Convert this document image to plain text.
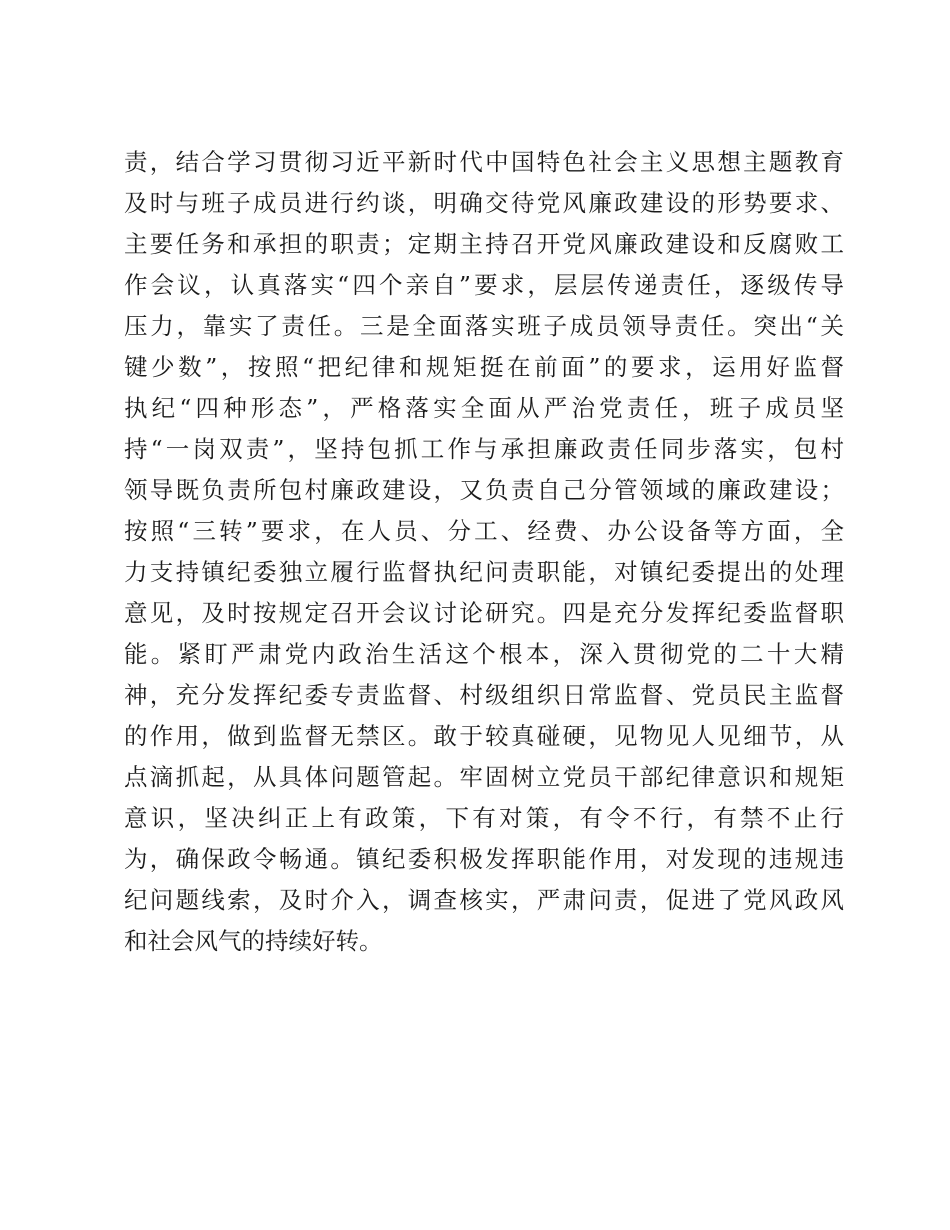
责，结合学习贯彻习近平新时代中国特色社会主义思想主题教育
及时与班子成员进行约谈，明确交待党风廉政建设的形势要求、
主要任务和承担的职责；定期主持召开党风廉政建设和反腐败工
作会议，认真落实“四个亲自”要求，层层传递责任，逐级传导
压力，靠实了责任。三是全面落实班子成员领导责任。突出“关
键少数”，按照“把纪律和规矩挺在前面”的要求，运用好监督
执纪“四种形态”，严格落实全面从严治党责任，班子成员坚
持“一岗双责”，坚持包抓工作与承担廉政责任同步落实，包村
领导既负责所包村廉政建设，又负责自己分管领域的廉政建设；
按照“三转”要求，在人员、分工、经费、办公设备等方面，全
力支持镇纪委独立履行监督执纪问责职能，对镇纪委提出的处理
意见，及时按规定召开会议讨论研究。四是充分发挥纪委监督职
能。紧盯严肃党内政治生活这个根本，深入贯彻党的二十大精
神，充分发挥纪委专责监督、村级组织日常监督、党员民主监督
的作用，做到监督无禁区。敢于较真碰硬，见物见人见细节，从
点滴抓起，从具体问题管起。牢固树立党员干部纪律意识和规矩
意识，坚决纠正上有政策，下有对策，有令不行，有禁不止行
为，确保政令畅通。镇纪委积极发挥职能作用，对发现的违规违
纪问题线索，及时介入，调查核实，严肃问责，促进了党风政风
和社会风气的持续好转。
